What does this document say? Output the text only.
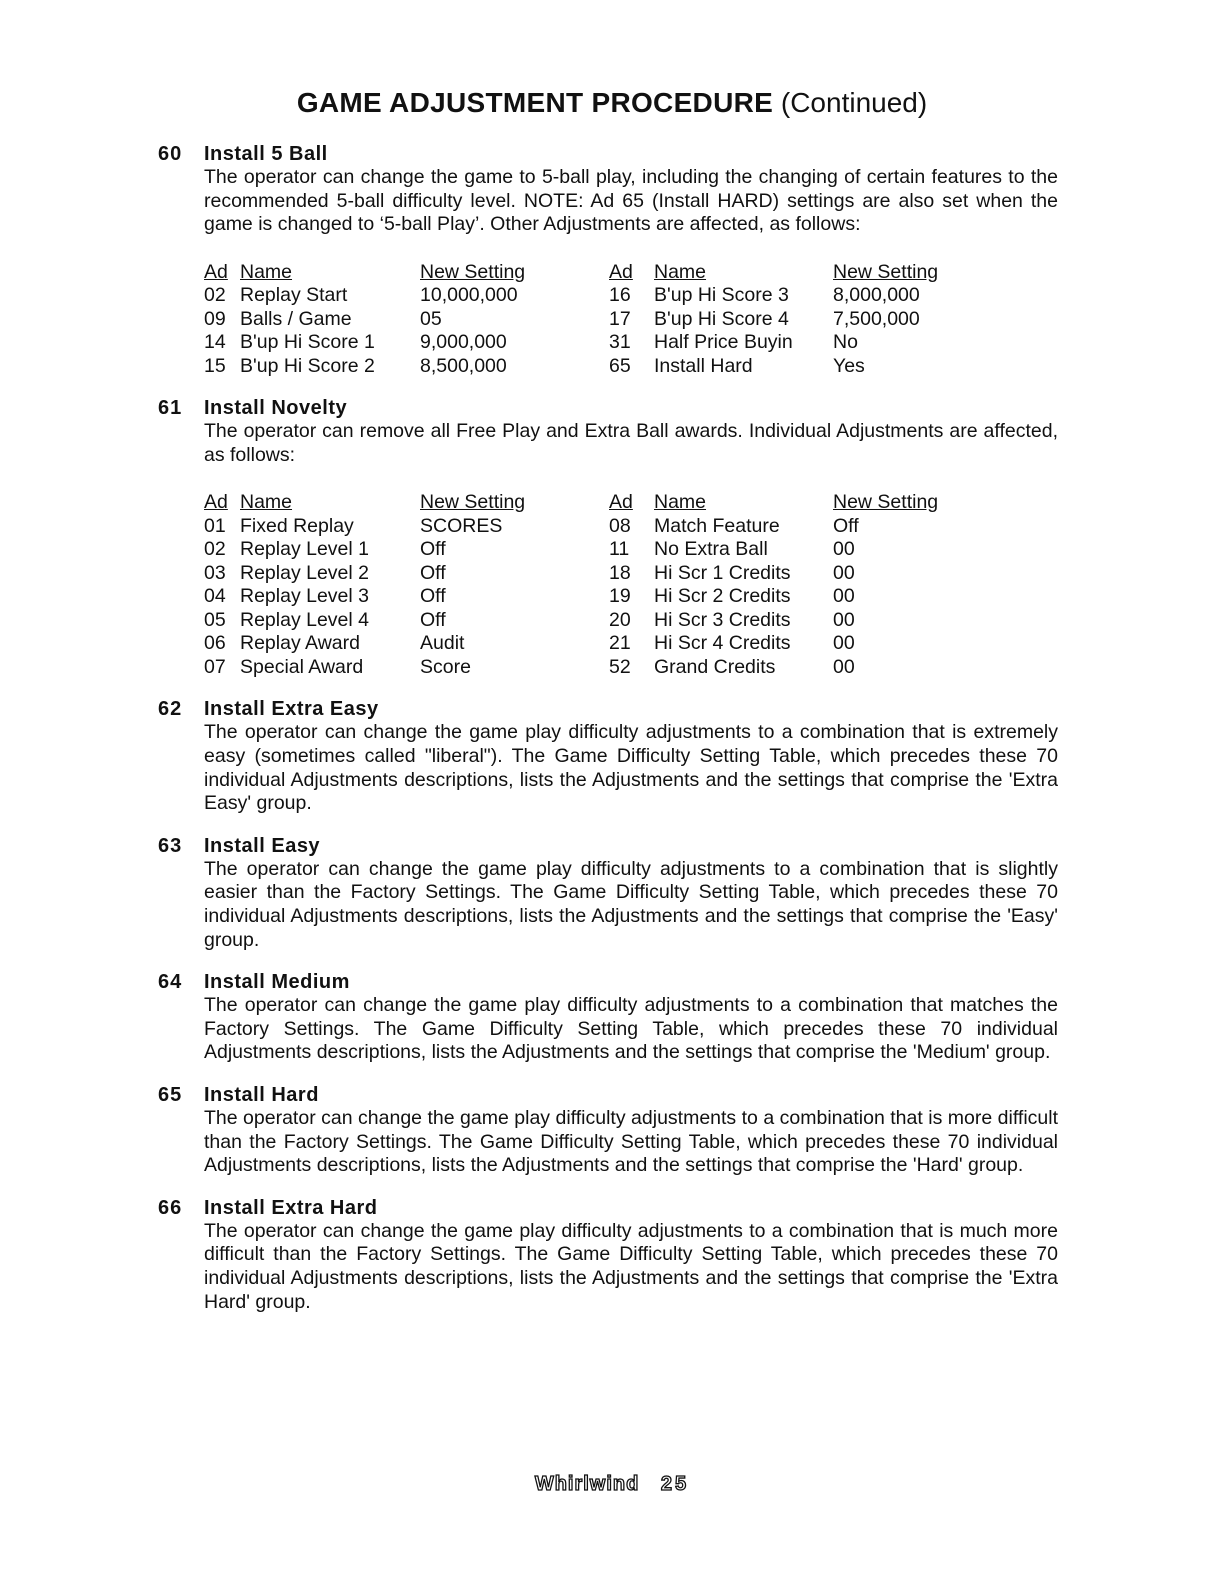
GAME ADJUSTMENT PROCEDURE (Continued)
60	Install 5 Ball
The operator can change the game to 5-ball play, including the changing of certain features to the recommended 5-ball difficulty level. NOTE: Ad 65 (Install HARD) settings are also set when the game is changed to ‘5-ball Play’. Other Adjustments are affected, as follows:
Ad	Name	New Setting	Ad	Name	New Setting
02	Replay Start	10,000,000	16	B'up Hi Score 3	8,000,000
09	Balls / Game	05	17	B'up Hi Score 4	7,500,000
14	B'up Hi Score 1	9,000,000	31	Half Price Buyin	No
15	B'up Hi Score 2	8,500,000	65	Install Hard	Yes
61	Install Novelty
The operator can remove all Free Play and Extra Ball awards. Individual Adjustments are affected, as follows:
Ad	Name	New Setting	Ad	Name	New Setting
01	Fixed Replay	SCORES	08	Match Feature	Off
02	Replay Level 1	Off	11	No Extra Ball	00
03	Replay Level 2	Off	18	Hi Scr 1 Credits	00
04	Replay Level 3	Off	19	Hi Scr 2 Credits	00
05	Replay Level 4	Off	20	Hi Scr 3 Credits	00
06	Replay Award	Audit	21	Hi Scr 4 Credits	00
07	Special Award	Score	52	Grand Credits	00
62	Install Extra Easy
The operator can change the game play difficulty adjustments to a combination that is extremely easy (sometimes called "liberal"). The Game Difficulty Setting Table, which precedes these 70 individual Adjustments descriptions, lists the Adjustments and the settings that comprise the 'Extra Easy' group.
63	Install Easy
The operator can change the game play difficulty adjustments to a combination that is slightly easier than the Factory Settings. The Game Difficulty Setting Table, which precedes these 70 individual Adjustments descriptions, lists the Adjustments and the settings that comprise the 'Easy' group.
64	Install Medium
The operator can change the game play difficulty adjustments to a combination that matches the Factory Settings. The Game Difficulty Setting Table, which precedes these 70 individual Adjustments descriptions, lists the Adjustments and the settings that comprise the 'Medium' group.
65	Install Hard
The operator can change the game play difficulty adjustments to a combination that is more difficult than the Factory Settings. The Game Difficulty Setting Table, which precedes these 70 individual Adjustments descriptions, lists the Adjustments and the settings that comprise the 'Hard' group.
66	Install Extra Hard
The operator can change the game play difficulty adjustments to a combination that is much more difficult than the Factory Settings. The Game Difficulty Setting Table, which precedes these 70 individual Adjustments descriptions, lists the Adjustments and the settings that comprise the 'Extra Hard' group.
Whirlwind 25
